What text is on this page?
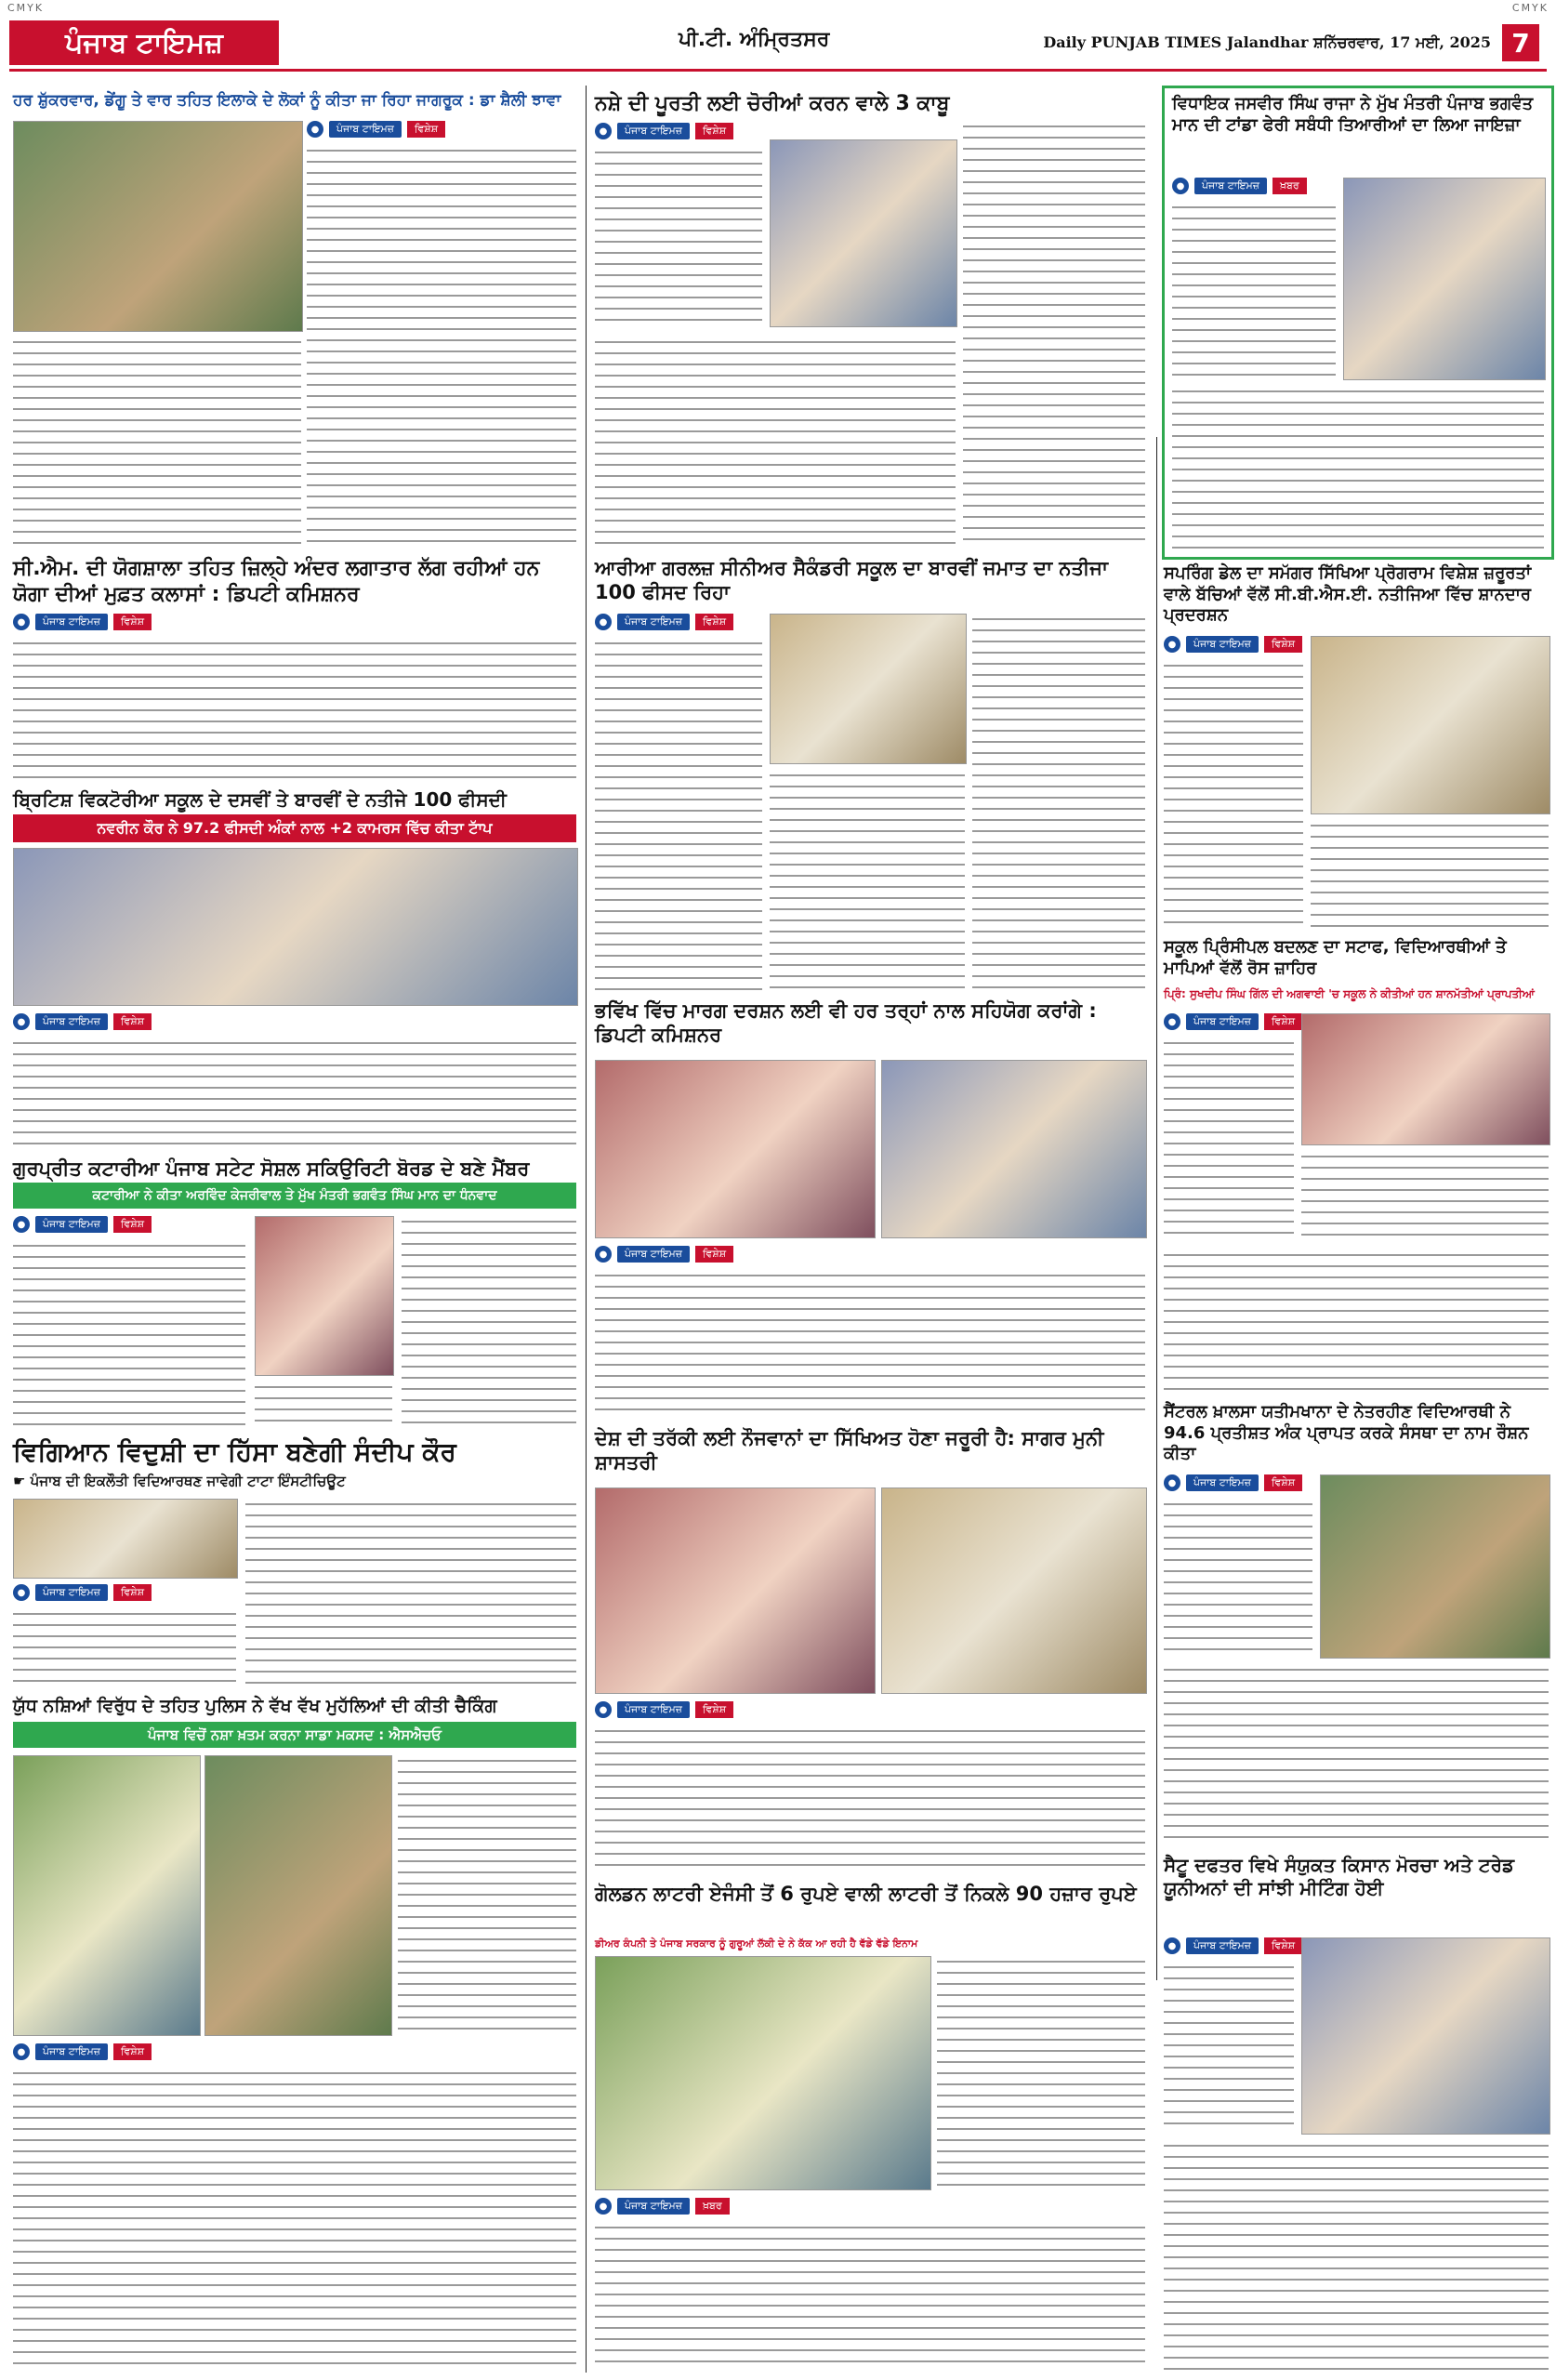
CMYK	CMYK
ਪੰਜਾਬ ਟਾਇਮਜ਼	ਪੀ.ਟੀ. ਅੰਮ੍ਰਿਤਸਰ	Daily PUNJAB TIMES Jalandhar ਸ਼ਨਿੱਚਰਵਾਰ, 17 ਮਈ, 2025 7
ਹਰ ਸ਼ੁੱਕਰਵਾਰ, ਡੇਂਗੂ ਤੇ ਵਾਰ ਤਹਿਤ ਇਲਾਕੇ ਦੇ ਲੋਕਾਂ ਨੂੰ ਕੀਤਾ ਜਾ ਰਿਹਾ ਜਾਗਰੂਕ : ਡਾ ਸ਼ੈਲੀ ਝਾਵਾ
●	ਪੰਜਾਬ ਟਾਇਮਜ਼	ਵਿਸ਼ੇਸ਼
ਸੀ.ਐਮ. ਦੀ ਯੋਗਸ਼ਾਲਾ ਤਹਿਤ ਜ਼ਿਲ੍ਹੇ ਅੰਦਰ ਲਗਾਤਾਰ ਲੱਗ ਰਹੀਆਂ ਹਨ ਯੋਗਾ ਦੀਆਂ ਮੁਫ਼ਤ ਕਲਾਸਾਂ : ਡਿਪਟੀ ਕਮਿਸ਼ਨਰ
●	ਪੰਜਾਬ ਟਾਇਮਜ਼	ਵਿਸ਼ੇਸ਼
ਬ੍ਰਿਟਿਸ਼ ਵਿਕਟੋਰੀਆ ਸਕੂਲ ਦੇ ਦਸਵੀਂ ਤੇ ਬਾਰਵੀਂ ਦੇ ਨਤੀਜੇ 100 ਫੀਸਦੀ
ਨਵਰੀਨ ਕੌਰ ਨੇ 97.2 ਫੀਸਦੀ ਅੰਕਾਂ ਨਾਲ +2 ਕਾਮਰਸ ਵਿੱਚ ਕੀਤਾ ਟਾੱਪ
●	ਪੰਜਾਬ ਟਾਇਮਜ਼	ਵਿਸ਼ੇਸ਼
ਗੁਰਪ੍ਰੀਤ ਕਟਾਰੀਆ ਪੰਜਾਬ ਸਟੇਟ ਸੋਸ਼ਲ ਸਕਿਉਰਿਟੀ ਬੋਰਡ ਦੇ ਬਣੇ ਮੈਂਬਰ
ਕਟਾਰੀਆ ਨੇ ਕੀਤਾ ਅਰਵਿੰਦ ਕੇਜਰੀਵਾਲ ਤੇ ਮੁੱਖ ਮੰਤਰੀ ਭਗਵੰਤ ਸਿੰਘ ਮਾਨ ਦਾ ਧੰਨਵਾਦ
●	ਪੰਜਾਬ ਟਾਇਮਜ਼	ਵਿਸ਼ੇਸ਼
ਵਿਗਿਆਨ ਵਿਦੁਸ਼ੀ ਦਾ ਹਿੱਸਾ ਬਣੇਗੀ ਸੰਦੀਪ ਕੌਰ
☛ ਪੰਜਾਬ ਦੀ ਇਕਲੌਤੀ ਵਿਦਿਆਰਥਣ ਜਾਵੇਗੀ ਟਾਟਾ ਇੰਸਟੀਚਿਊਟ
●	ਪੰਜਾਬ ਟਾਇਮਜ਼	ਵਿਸ਼ੇਸ਼
ਯੁੱਧ ਨਸ਼ਿਆਂ ਵਿਰੁੱਧ ਦੇ ਤਹਿਤ ਪੁਲਿਸ ਨੇ ਵੱਖ ਵੱਖ ਮੁਹੱਲਿਆਂ ਦੀ ਕੀਤੀ ਚੈਕਿੰਗ
ਪੰਜਾਬ ਵਿਚੋਂ ਨਸ਼ਾ ਖ਼ਤਮ ਕਰਨਾ ਸਾਡਾ ਮਕਸਦ : ਐਸਐਚਓ
●	ਪੰਜਾਬ ਟਾਇਮਜ਼	ਵਿਸ਼ੇਸ਼
ਨਸ਼ੇ ਦੀ ਪੂਰਤੀ ਲਈ ਚੋਰੀਆਂ ਕਰਨ ਵਾਲੇ 3 ਕਾਬੂ
●	ਪੰਜਾਬ ਟਾਇਮਜ਼	ਵਿਸ਼ੇਸ਼
ਆਰੀਆ ਗਰਲਜ਼ ਸੀਨੀਅਰ ਸੈਕੰਡਰੀ ਸਕੂਲ ਦਾ ਬਾਰਵੀਂ ਜਮਾਤ ਦਾ ਨਤੀਜਾ 100 ਫੀਸਦ ਰਿਹਾ
●	ਪੰਜਾਬ ਟਾਇਮਜ਼	ਵਿਸ਼ੇਸ਼
ਭਵਿੱਖ ਵਿੱਚ ਮਾਰਗ ਦਰਸ਼ਨ ਲਈ ਵੀ ਹਰ ਤਰ੍ਹਾਂ ਨਾਲ ਸਹਿਯੋਗ ਕਰਾਂਗੇ : ਡਿਪਟੀ ਕਮਿਸ਼ਨਰ
●	ਪੰਜਾਬ ਟਾਇਮਜ਼	ਵਿਸ਼ੇਸ਼
ਦੇਸ਼ ਦੀ ਤਰੱਕੀ ਲਈ ਨੌਜਵਾਨਾਂ ਦਾ ਸਿੱਖਿਅਤ ਹੋਣਾ ਜਰੂਰੀ ਹੈ: ਸਾਗਰ ਮੁਨੀ ਸ਼ਾਸਤਰੀ
●	ਪੰਜਾਬ ਟਾਇਮਜ਼	ਵਿਸ਼ੇਸ਼
ਗੋਲਡਨ ਲਾਟਰੀ ਏਜੰਸੀ ਤੋਂ 6 ਰੁਪਏ ਵਾਲੀ ਲਾਟਰੀ ਤੋਂ ਨਿਕਲੇ 90 ਹਜ਼ਾਰ ਰੁਪਏ
ਡੀਅਰ ਕੰਪਨੀ ਤੇ ਪੰਜਾਬ ਸਰਕਾਰ ਨੂੰ ਗੁਰੂਆਂ ਲੱਕੀ ਦੇ ਨੇ ਕੱਕ ਆ ਰਹੀ ਹੈ ਵੱਡੇ ਵੱਡੇ ਇਨਾਮ
●	ਪੰਜਾਬ ਟਾਇਮਜ਼	ਖ਼ਬਰ
ਵਿਧਾਇਕ ਜਸਵੀਰ ਸਿੰਘ ਰਾਜਾ ਨੇ ਮੁੱਖ ਮੰਤਰੀ ਪੰਜਾਬ ਭਗਵੰਤ ਮਾਨ ਦੀ ਟਾਂਡਾ ਫੇਰੀ ਸਬੰਧੀ ਤਿਆਰੀਆਂ ਦਾ ਲਿਆ ਜਾਇਜ਼ਾ
●	ਪੰਜਾਬ ਟਾਇਮਜ਼	ਖ਼ਬਰ
ਸਪਰਿੰਗ ਡੇਲ ਦਾ ਸਮੱਗਰ ਸਿੱਖਿਆ ਪ੍ਰੋਗਰਾਮ ਵਿਸ਼ੇਸ਼ ਜ਼ਰੂਰਤਾਂ ਵਾਲੇ ਬੱਚਿਆਂ ਵੱਲੋਂ ਸੀ.ਬੀ.ਐਸ.ਈ. ਨਤੀਜਿਆ ਵਿੱਚ ਸ਼ਾਨਦਾਰ ਪ੍ਰਦਰਸ਼ਨ
●	ਪੰਜਾਬ ਟਾਇਮਜ਼	ਵਿਸ਼ੇਸ਼
ਸਕੂਲ ਪ੍ਰਿੰਸੀਪਲ ਬਦਲਣ ਦਾ ਸਟਾਫ, ਵਿਦਿਆਰਥੀਆਂ ਤੇ ਮਾਪਿਆਂ ਵੱਲੋਂ ਰੋਸ ਜ਼ਾਹਿਰ
ਪ੍ਰਿੰ: ਸੁਖਦੀਪ ਸਿੰਘ ਗਿੱਲ ਦੀ ਅਗਵਾਈ 'ਚ ਸਕੂਲ ਨੇ ਕੀਤੀਆਂ ਹਨ ਸ਼ਾਨਮੱਤੀਆਂ ਪ੍ਰਾਪਤੀਆਂ
●	ਪੰਜਾਬ ਟਾਇਮਜ਼	ਵਿਸ਼ੇਸ਼
ਸੈਂਟਰਲ ਖ਼ਾਲਸਾ ਯਤੀਮਖਾਨਾ ਦੇ ਨੇਤਰਹੀਣ ਵਿਦਿਆਰਥੀ ਨੇ 94.6 ਪ੍ਰਤੀਸ਼ਤ ਅੰਕ ਪ੍ਰਾਪਤ ਕਰਕੇ ਸੰਸਥਾ ਦਾ ਨਾਮ ਰੌਸ਼ਨ ਕੀਤਾ
●	ਪੰਜਾਬ ਟਾਇਮਜ਼	ਵਿਸ਼ੇਸ਼
ਸੈਟੂ ਦਫਤਰ ਵਿਖੇ ਸੰਯੁਕਤ ਕਿਸਾਨ ਮੋਰਚਾ ਅਤੇ ਟਰੇਡ ਯੂਨੀਅਨਾਂ ਦੀ ਸਾਂਝੀ ਮੀਟਿੰਗ ਹੋਈ
●	ਪੰਜਾਬ ਟਾਇਮਜ਼	ਵਿਸ਼ੇਸ਼
